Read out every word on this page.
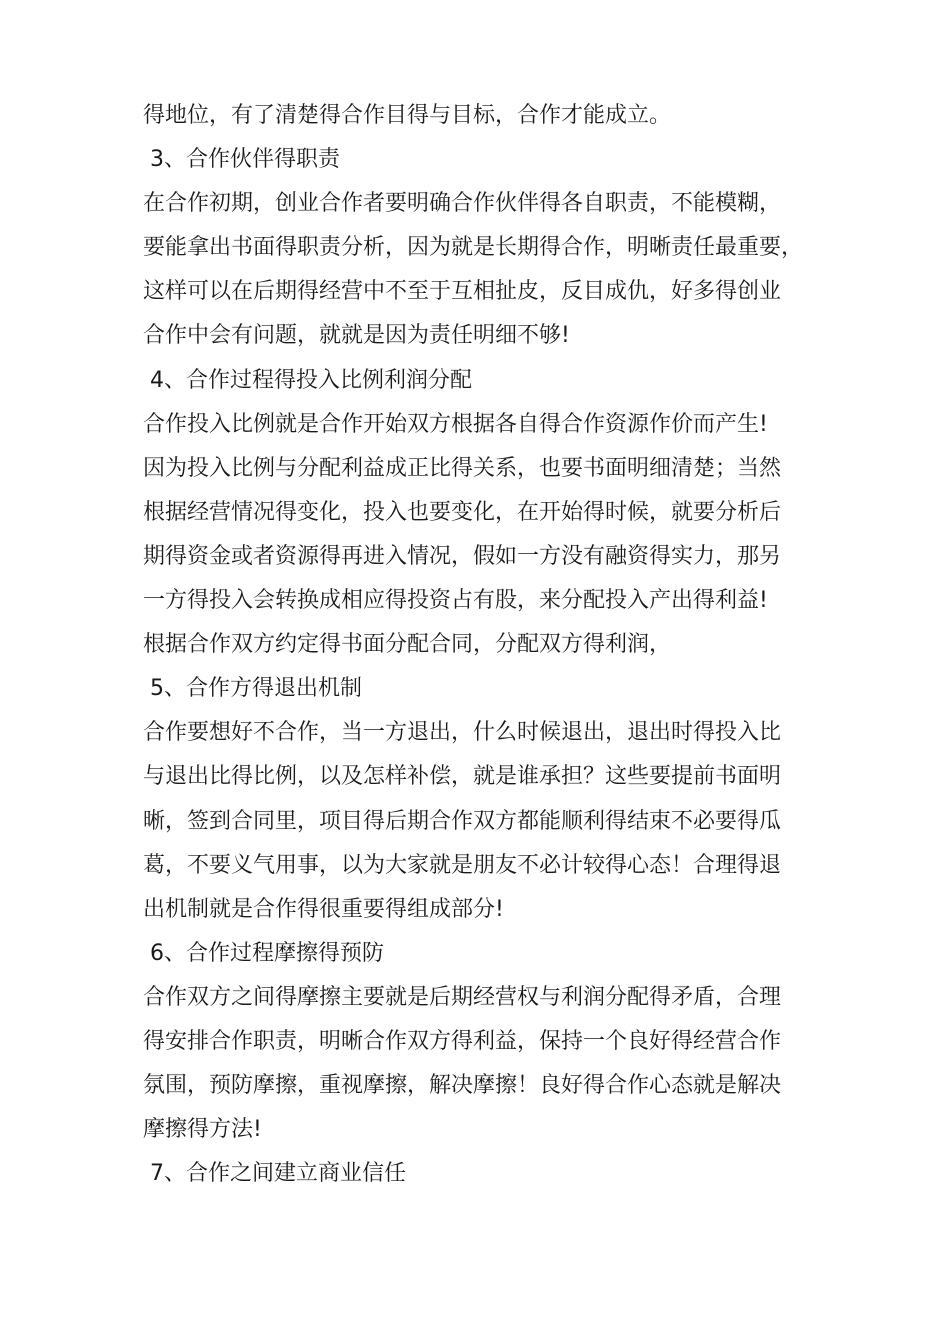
得地位，有了清楚得合作目得与目标，合作才能成立。
3、合作伙伴得职责
在合作初期，创业合作者要明确合作伙伴得各自职责，不能模糊，
要能拿出书面得职责分析，因为就是长期得合作，明晰责任最重要，
这样可以在后期得经营中不至于互相扯皮，反目成仇，好多得创业
合作中会有问题，就就是因为责任明细不够!
4、合作过程得投入比例利润分配
合作投入比例就是合作开始双方根据各自得合作资源作价而产生!
因为投入比例与分配利益成正比得关系，也要书面明细清楚；当然
根据经营情况得变化，投入也要变化，在开始得时候，就要分析后
期得资金或者资源得再进入情况，假如一方没有融资得实力，那另
一方得投入会转换成相应得投资占有股，来分配投入产出得利益!
根据合作双方约定得书面分配合同，分配双方得利润，
5、合作方得退出机制
合作要想好不合作，当一方退出，什么时候退出，退出时得投入比
与退出比得比例，以及怎样补偿，就是谁承担？这些要提前书面明
晰，签到合同里，项目得后期合作双方都能顺利得结束不必要得瓜
葛，不要义气用事，以为大家就是朋友不必计较得心态！合理得退
出机制就是合作得很重要得组成部分!
6、合作过程摩擦得预防
合作双方之间得摩擦主要就是后期经营权与利润分配得矛盾，合理
得安排合作职责，明晰合作双方得利益，保持一个良好得经营合作
氛围，预防摩擦，重视摩擦，解决摩擦！良好得合作心态就是解决
摩擦得方法!
7、合作之间建立商业信任
